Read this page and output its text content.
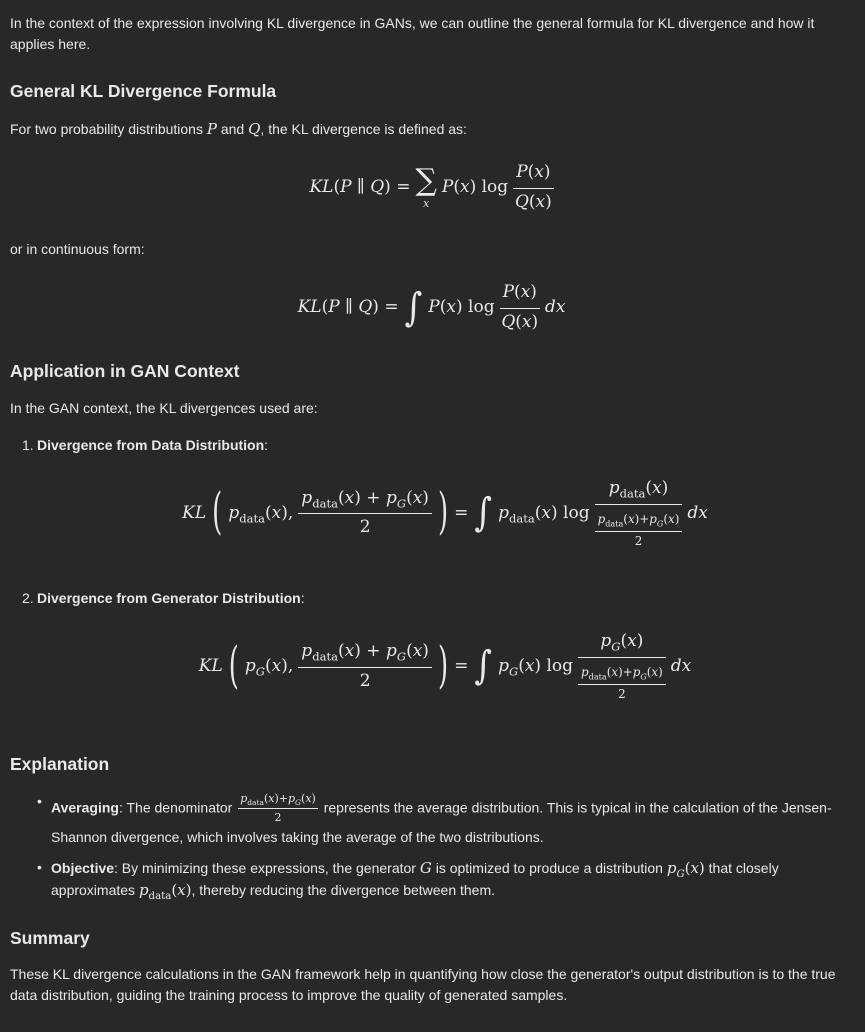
In the context of the expression involving KL divergence in GANs, we can outline the general formula for KL divergence and how it applies here.

General KL Divergence Formula

For two probability distributions P and Q, the KL divergence is defined as:

KL(P ∥ Q) = ∑
x
P(x) $\log \frac{P(x)}{Q(x)}$

or in continuous form:

KL(P ∥ Q) = ∫ P(x) $\log \frac{P(x)}{Q(x)}$ dx
Application in GAN Context

In the GAN context, the KL divergences used are:

1. Divergence from Data Distribution:
KL ( $p_{data}(x)$, $\frac{p_{data}(x) + p_G(x)}{2}$ ) = ∫ $p_{data}(x)$ $\log \frac{p_{data}(x)}{\frac{p_{data}(x)+p_G(x)}{2}}$ dx
2. Divergence from Generator Distribution:
KL ( $p_G(x)$, $\frac{p_{data}(x) + p_G(x)}{2}$ ) = ∫ $p_G(x)$ $\log \frac{p_G(x)}{\frac{p_{data}(x)+p_G(x)}{2}}$ dx
Explanation
• Averaging: The denominator
$p_{data}(x)+p_G(x)$
2
represents the average distribution. This is typical in the calculation of the Jensen-Shannon divergence, which involves taking the average of the two distributions.
• Objective: By minimizing these expressions, the generator G is optimized to produce a distribution $p_G(x)$ that closely approximates $p_{data}(x)$, thereby reducing the divergence between them.
Summary

These KL divergence calculations in the GAN framework help in quantifying how close the generator's output distribution is to the true data distribution, guiding the training process to improve the quality of generated samples.
